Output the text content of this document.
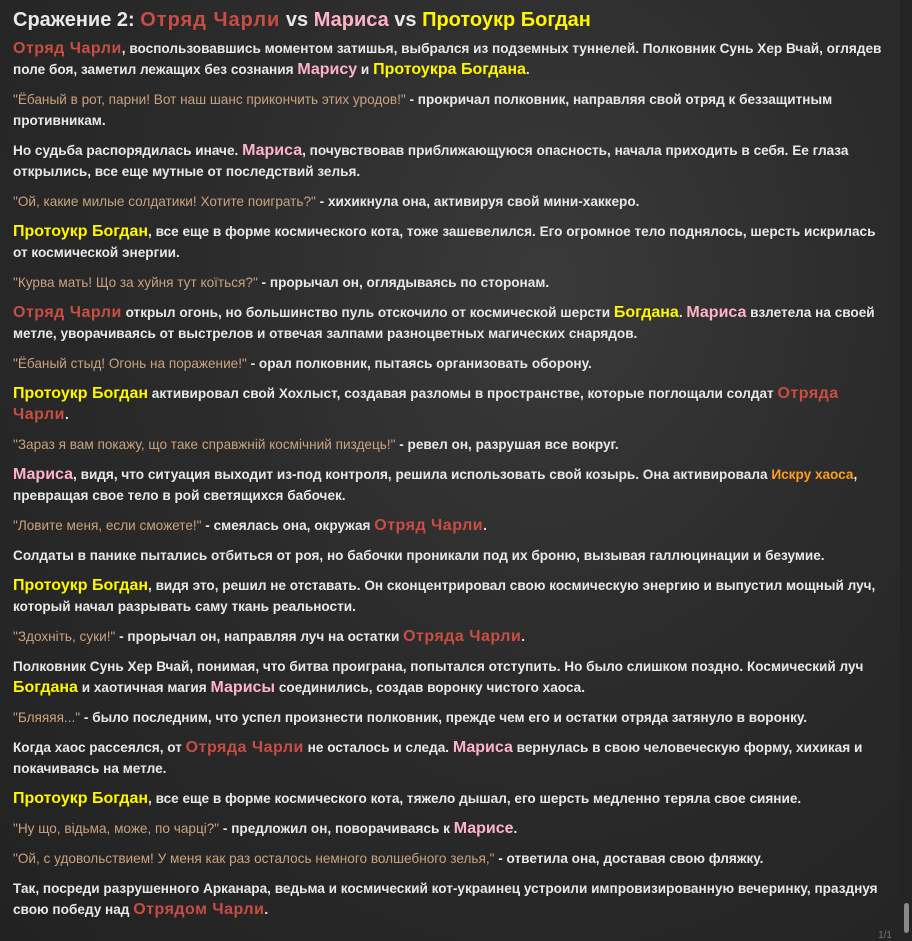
Сражение 2: Отряд Чарли vs Мариса vs Протоукр Богдан
Отряд Чарли, воспользовавшись моментом затишья, выбрался из подземных туннелей. Полковник Сунь Хер Вчай, оглядев поле боя, заметил лежащих без сознания Марису и Протоукра Богдана.
"Ёбаный в рот, парни! Вот наш шанс прикончить этих уродов!" - прокричал полковник, направляя свой отряд к беззащитным противникам.
Но судьба распорядилась иначе. Мариса, почувствовав приближающуюся опасность, начала приходить в себя. Ее глаза открылись, все еще мутные от последствий зелья.
"Ой, какие милые солдатики! Хотите поиграть?" - хихикнула она, активируя свой мини-хаккеро.
Протоукр Богдан, все еще в форме космического кота, тоже зашевелился. Его огромное тело поднялось, шерсть искрилась от космической энергии.
"Курва мать! Що за хуйня тут коїться?" - прорычал он, оглядываясь по сторонам.
Отряд Чарли открыл огонь, но большинство пуль отскочило от космической шерсти Богдана. Мариса взлетела на своей метле, уворачиваясь от выстрелов и отвечая залпами разноцветных магических снарядов.
"Ёбаный стыд! Огонь на поражение!" - орал полковник, пытаясь организовать оборону.
Протоукр Богдан активировал свой Хохлыст, создавая разломы в пространстве, которые поглощали солдат Отряда Чарли.
"Зараз я вам покажу, що таке справжній космічний пиздець!" - ревел он, разрушая все вокруг.
Мариса, видя, что ситуация выходит из-под контроля, решила использовать свой козырь. Она активировала Искру хаоса, превращая свое тело в рой светящихся бабочек.
"Ловите меня, если сможете!" - смеялась она, окружая Отряд Чарли.
Солдаты в панике пытались отбиться от роя, но бабочки проникали под их броню, вызывая галлюцинации и безумие.
Протоукр Богдан, видя это, решил не отставать. Он сконцентрировал свою космическую энергию и выпустил мощный луч, который начал разрывать саму ткань реальности.
"Здохніть, суки!" - прорычал он, направляя луч на остатки Отряда Чарли.
Полковник Сунь Хер Вчай, понимая, что битва проиграна, попытался отступить. Но было слишком поздно. Космический луч Богдана и хаотичная магия Марисы соединились, создав воронку чистого хаоса.
"Бляяяя..." - было последним, что успел произнести полковник, прежде чем его и остатки отряда затянуло в воронку.
Когда хаос рассеялся, от Отряда Чарли не осталось и следа. Мариса вернулась в свою человеческую форму, хихикая и покачиваясь на метле.
Протоукр Богдан, все еще в форме космического кота, тяжело дышал, его шерсть медленно теряла свое сияние.
"Ну що, відьма, може, по чарці?" - предложил он, поворачиваясь к Марисе.
"Ой, с удовольствием! У меня как раз осталось немного волшебного зелья," - ответила она, доставая свою фляжку.
Так, посреди разрушенного Арканара, ведьма и космический кот-украинец устроили импровизированную вечеринку, празднуя свою победу над Отрядом Чарли.
1/1
